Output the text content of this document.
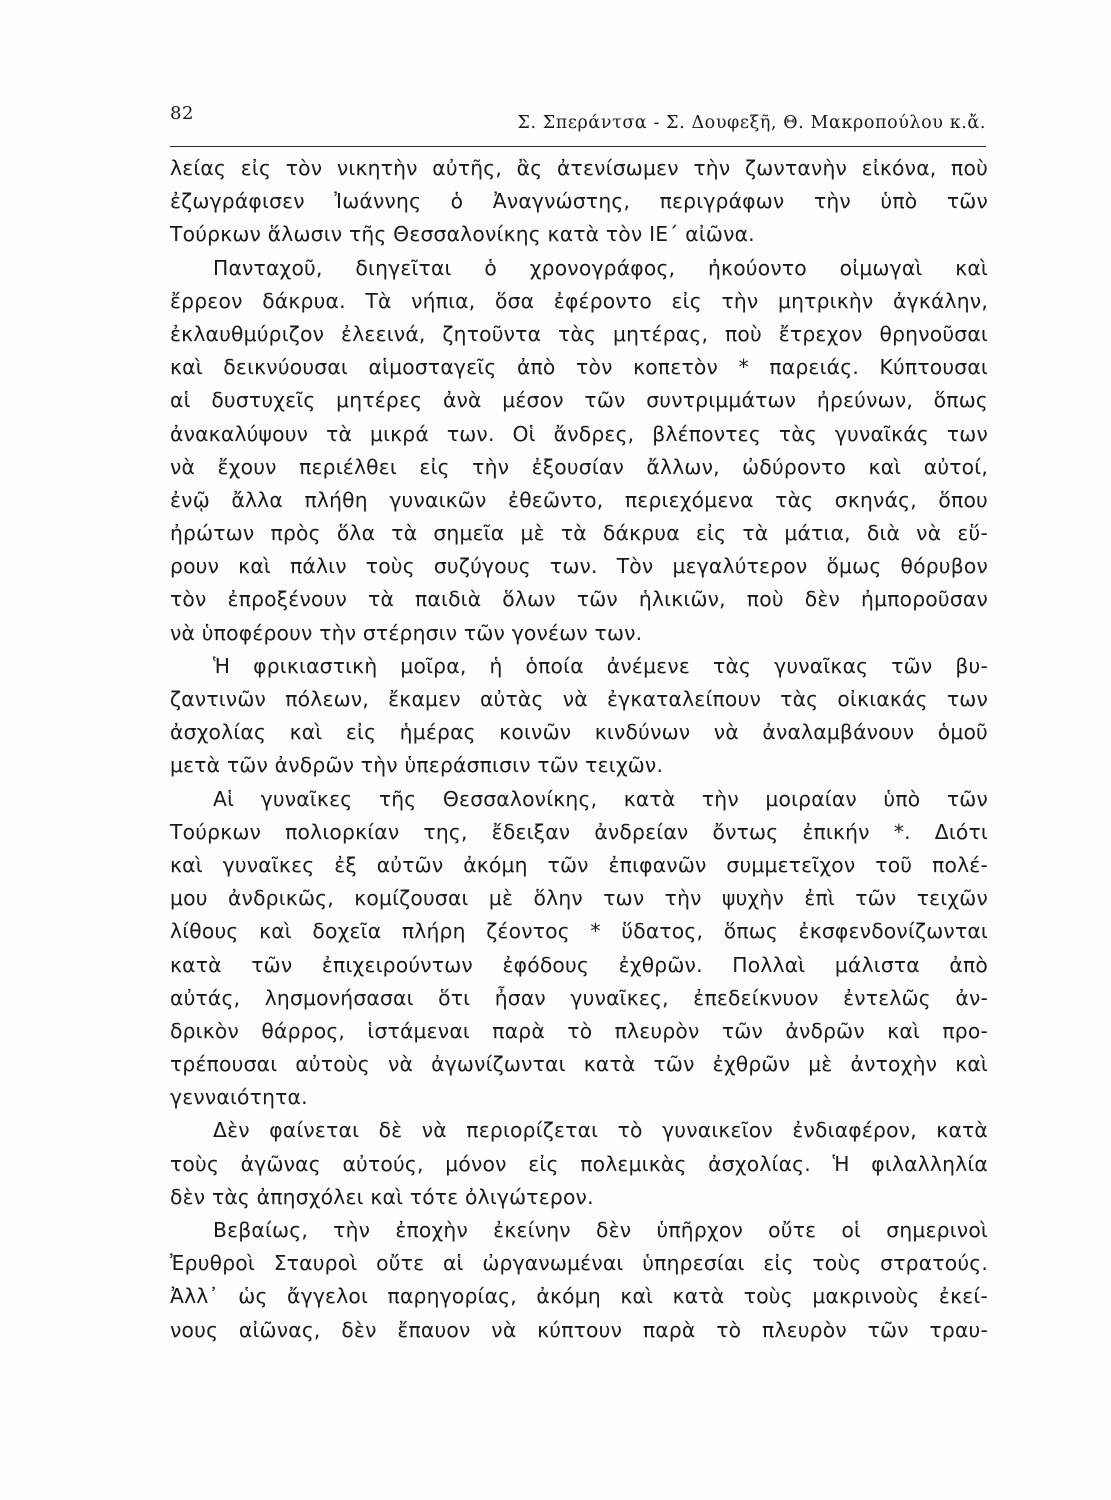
82	Σ. Σπεράντσα - Σ. Δουφεξῆ, Θ. Μακροπούλου κ.ἄ.
λείας εἰς τὸν νικητὴν αὐτῆς, ἂς ἀτενίσωμεν τὴν ζωντανὴν εἰκόνα, ποὺ
ἐζωγράφισεν Ἰωάννης ὁ Ἀναγνώστης, περιγράφων τὴν ὑπὸ τῶν
Τούρκων ἅλωσιν τῆς Θεσσαλονίκης κατὰ τὸν ΙΕ΄ αἰῶνα.
Πανταχοῦ, διηγεῖται ὁ χρονογράφος, ἠκούοντο οἰμωγαὶ καὶ
ἔρρεον δάκρυα. Τὰ νήπια, ὅσα ἐφέροντο εἰς τὴν μητρικὴν ἀγκάλην,
ἐκλαυθμύριζον ἐλεεινά, ζητοῦντα τὰς μητέρας, ποὺ ἔτρεχον θρηνοῦσαι
καὶ δεικνύουσαι αἱμοσταγεῖς ἀπὸ τὸν κοπετὸν * παρειάς. Κύπτουσαι
αἱ δυστυχεῖς μητέρες ἀνὰ μέσον τῶν συντριμμάτων ἠρεύνων, ὅπως
ἀνακαλύψουν τὰ μικρά των. Οἱ ἄνδρες, βλέποντες τὰς γυναῖκάς των
νὰ ἔχουν περιέλθει εἰς τὴν ἐξουσίαν ἄλλων, ὠδύροντο καὶ αὐτοί,
ἐνῷ ἄλλα πλήθη γυναικῶν ἐθεῶντο, περιεχόμενα τὰς σκηνάς, ὅπου
ἠρώτων πρὸς ὅλα τὰ σημεῖα μὲ τὰ δάκρυα εἰς τὰ μάτια, διὰ νὰ εὕ-
ρουν καὶ πάλιν τοὺς συζύγους των. Τὸν μεγαλύτερον ὅμως θόρυβον
τὸν ἐπροξένουν τὰ παιδιὰ ὅλων τῶν ἡλικιῶν, ποὺ δὲν ἠμποροῦσαν
νὰ ὑποφέρουν τὴν στέρησιν τῶν γονέων των.
Ἡ φρικιαστικὴ μοῖρα, ἡ ὁποία ἀνέμενε τὰς γυναῖκας τῶν βυ-
ζαντινῶν πόλεων, ἔκαμεν αὐτὰς νὰ ἐγκαταλείπουν τὰς οἰκιακάς των
ἀσχολίας καὶ εἰς ἡμέρας κοινῶν κινδύνων νὰ ἀναλαμβάνουν ὁμοῦ
μετὰ τῶν ἀνδρῶν τὴν ὑπεράσπισιν τῶν τειχῶν.
Αἱ γυναῖκες τῆς Θεσσαλονίκης, κατὰ τὴν μοιραίαν ὑπὸ τῶν
Τούρκων πολιορκίαν της, ἔδειξαν ἀνδρείαν ὄντως ἐπικήν *. Διότι
καὶ γυναῖκες ἐξ αὐτῶν ἀκόμη τῶν ἐπιφανῶν συμμετεῖχον τοῦ πολέ-
μου ἀνδρικῶς, κομίζουσαι μὲ ὅλην των τὴν ψυχὴν ἐπὶ τῶν τειχῶν
λίθους καὶ δοχεῖα πλήρη ζέοντος * ὕδατος, ὅπως ἐκσφενδονίζωνται
κατὰ τῶν ἐπιχειρούντων ἐφόδους ἐχθρῶν. Πολλαὶ μάλιστα ἀπὸ
αὐτάς, λησμονήσασαι ὅτι ἦσαν γυναῖκες, ἐπεδείκνυον ἐντελῶς ἀν-
δρικὸν θάρρος, ἱστάμεναι παρὰ τὸ πλευρὸν τῶν ἀνδρῶν καὶ προ-
τρέπουσαι αὐτοὺς νὰ ἀγωνίζωνται κατὰ τῶν ἐχθρῶν μὲ ἀντοχὴν καὶ
γενναιότητα.
Δὲν φαίνεται δὲ νὰ περιορίζεται τὸ γυναικεῖον ἐνδιαφέρον, κατὰ
τοὺς ἀγῶνας αὐτούς, μόνον εἰς πολεμικὰς ἀσχολίας. Ἡ φιλαλληλία
δὲν τὰς ἀπησχόλει καὶ τότε ὀλιγώτερον.
Βεβαίως, τὴν ἐποχὴν ἐκείνην δὲν ὑπῆρχον οὔτε οἱ σημερινοὶ
Ἐρυθροὶ Σταυροὶ οὔτε αἱ ὠργανωμέναι ὑπηρεσίαι εἰς τοὺς στρατούς.
Ἀλλ᾿ ὡς ἄγγελοι παρηγορίας, ἀκόμη καὶ κατὰ τοὺς μακρινοὺς ἐκεί-
νους αἰῶνας, δὲν ἔπαυον νὰ κύπτουν παρὰ τὸ πλευρὸν τῶν τραυ-
